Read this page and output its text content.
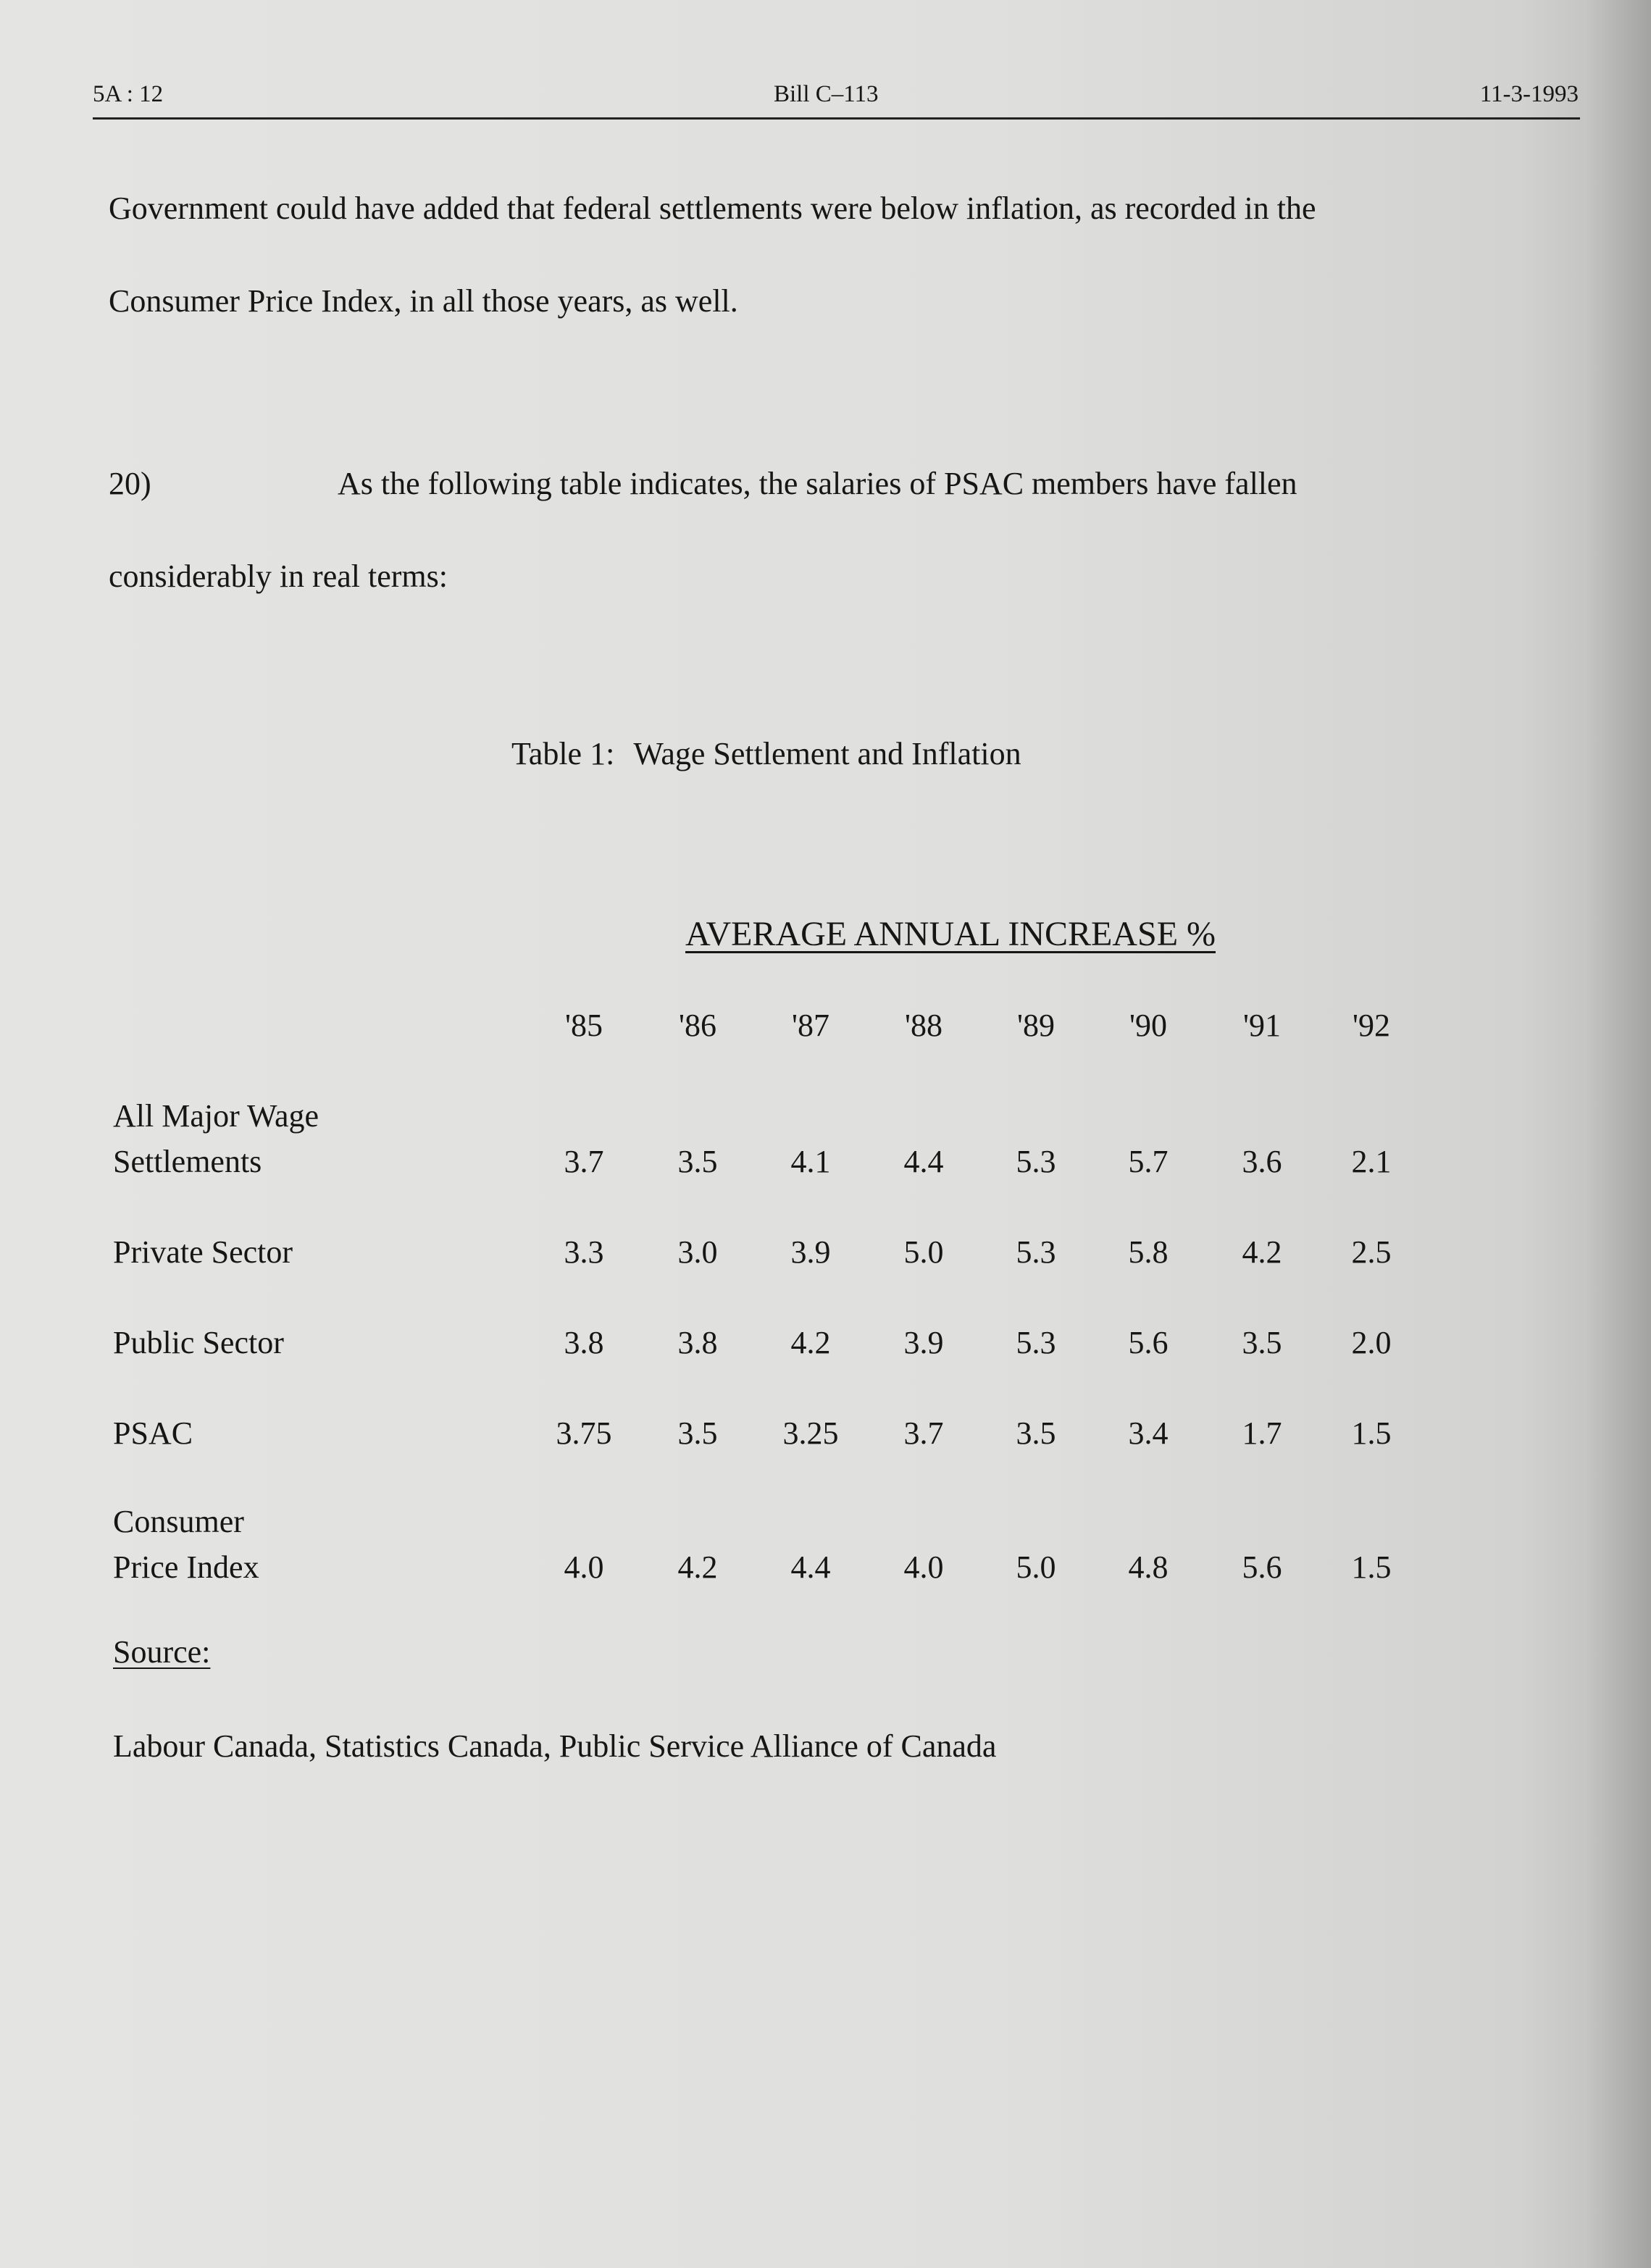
5A : 12	Bill C–113	11-3-1993
Government could have added that federal settlements were below inflation, as recorded in the
Consumer Price Index, in all those years, as well.
20)	As the following table indicates, the salaries of PSAC members have fallen
considerably in real terms:
Table 1: Wage Settlement and Inflation
AVERAGE ANNUAL INCREASE %
'85	'86	'87	'88	'89	'90	'91	'92
All Major Wage
Settlements	3.7	3.5	4.1	4.4	5.3	5.7	3.6	2.1
Private Sector	3.3	3.0	3.9	5.0	5.3	5.8	4.2	2.5
Public Sector	3.8	3.8	4.2	3.9	5.3	5.6	3.5	2.0
PSAC	3.75	3.5	3.25	3.7	3.5	3.4	1.7	1.5
Consumer
Price Index	4.0	4.2	4.4	4.0	5.0	4.8	5.6	1.5
Source:
Labour Canada, Statistics Canada, Public Service Alliance of Canada
